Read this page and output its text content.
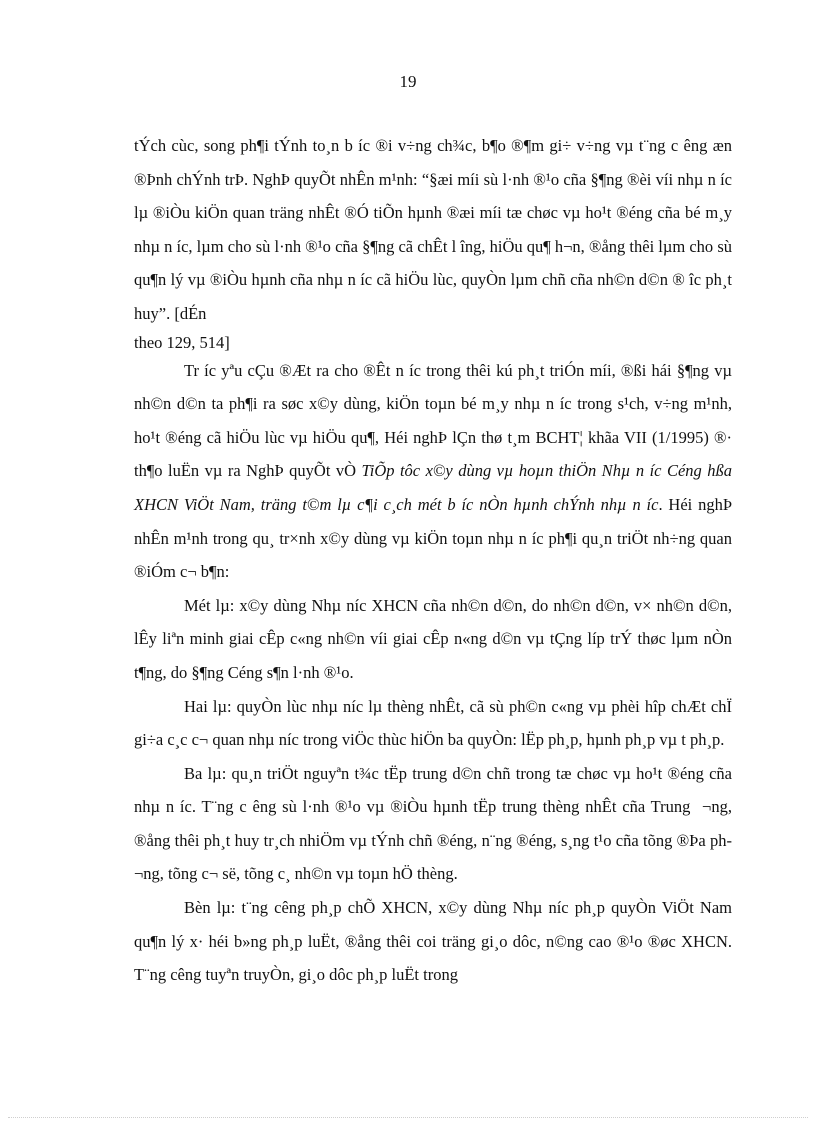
19

tÝch cùc, song ph¶i tÝnh to¸n b íc ®i v÷ng ch¾c, b¶o ®¶m gi÷ v÷ng vµ t¨ng c êng æn ®Þnh chÝnh trÞ. NghÞ quyÕt nhÊn m¹nh: “§æi míi sù l·nh ®¹o cña §¶ng ®èi víi nhµ n íc lµ ®iÒu kiÖn quan träng nhÊt ®Ó tiÕn hµnh ®æi míi tæ chøc vµ ho¹t ®éng cña bé m¸y nhµ n íc, lµm cho sù l·nh ®¹o cña §¶ng cã chÊt l îng, hiÖu qu¶ h¬n, ®ång thêi lµm cho sù qu¶n lý vµ ®iÒu hµnh cña nhµ n íc cã hiÖu lùc, quyÒn lµm chñ cña nh©n d©n ® îc ph¸t huy”. [dÉn

theo 129, 514]

Tr íc yªu cÇu ®Æt ra cho ®Êt n íc trong thêi kú ph¸t triÓn míi, ®ßi hái §¶ng vµ nh©n d©n ta ph¶i ra søc x©y dùng, kiÖn toµn bé m¸y nhµ n íc trong s¹ch, v÷ng m¹nh, ho¹t ®éng cã hiÖu lùc vµ hiÖu qu¶, Héi nghÞ lÇn thø t¸m BCHT¦ khãa VII (1/1995) ®· th¶o luËn vµ ra NghÞ quyÕt vÒ TiÕp tôc x©y dùng vµ hoµn thiÖn Nhµ n íc Céng hßa XHCN ViÖt Nam, träng t©m lµ c¶i c¸ch mét b íc nÒn hµnh chÝnh nhµ n íc. Héi nghÞ nhÊn m¹nh trong qu¸ tr×nh x©y dùng vµ kiÖn toµn nhµ n íc ph¶i qu¸n triÖt nh÷ng quan ®iÓm c¬ b¶n:

Mét lµ: x©y dùng Nhµ níc XHCN cña nh©n d©n, do nh©n d©n, v× nh©n d©n, lÊy liªn minh giai cÊp c«ng nh©n víi giai cÊp n«ng d©n vµ tÇng líp trÝ thøc lµm nÒn t¶ng, do §¶ng Céng s¶n l·nh ®¹o.

Hai lµ: quyÒn lùc nhµ níc lµ thèng nhÊt, cã sù ph©n c«ng vµ phèi hîp chÆt chÏ gi÷a c¸c c¬ quan nhµ níc trong viÖc thùc hiÖn ba quyÒn: lËp ph¸p, hµnh ph¸p vµ t ph¸p.

Ba lµ: qu¸n triÖt nguyªn t¾c tËp trung d©n chñ trong tæ chøc vµ ho¹t ®éng cña nhµ n íc. T¨ng c êng sù l·nh ®¹o vµ ®iÒu hµnh tËp trung thèng nhÊt cña Trung ¬ng, ®ång thêi ph¸t huy tr¸ch nhiÖm vµ tÝnh chñ ®éng, n¨ng ®éng, s¸ng t¹o cña tõng ®Þa ph ¬ng, tõng c¬ së, tõng c¸ nh©n vµ toµn hÖ thèng.

Bèn lµ: t¨ng cêng ph¸p chÕ XHCN, x©y dùng Nhµ níc ph¸p quyÒn ViÖt Nam qu¶n lý x· héi b»ng ph¸p luËt, ®ång thêi coi träng gi¸o dôc, n©ng cao ®¹o ®øc XHCN. T¨ng cêng tuyªn truyÒn, gi¸o dôc ph¸p luËt trong
